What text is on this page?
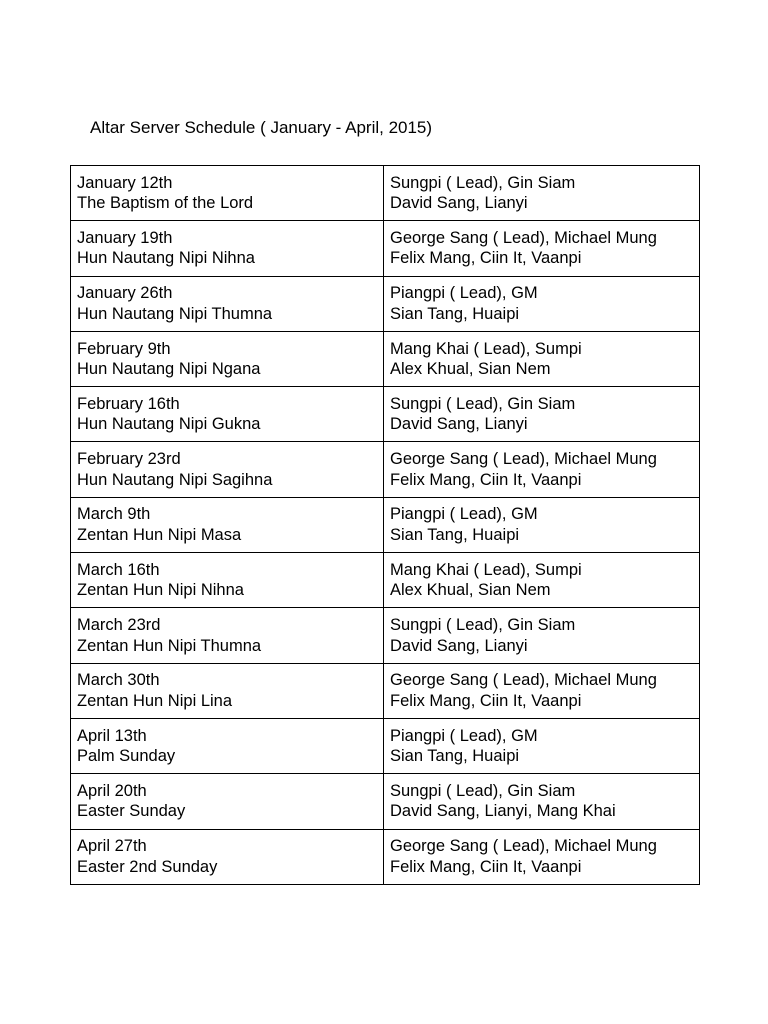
Altar Server Schedule ( January - April, 2015)
January 12th
The Baptism of the Lord	Sungpi ( Lead), Gin Siam
David Sang, Lianyi

January 19th
Hun Nautang Nipi Nihna	George Sang ( Lead), Michael Mung
Felix Mang, Ciin It, Vaanpi

January 26th
Hun Nautang Nipi Thumna	Piangpi ( Lead), GM
Sian Tang, Huaipi

February 9th
Hun Nautang Nipi Ngana	Mang Khai ( Lead), Sumpi
Alex Khual, Sian Nem

February 16th
Hun Nautang Nipi Gukna	Sungpi ( Lead), Gin Siam
David Sang, Lianyi

February 23rd
Hun Nautang Nipi Sagihna	George Sang ( Lead), Michael Mung
Felix Mang, Ciin It, Vaanpi

March 9th
Zentan Hun Nipi Masa	Piangpi ( Lead), GM
Sian Tang, Huaipi

March 16th
Zentan Hun Nipi Nihna	Mang Khai ( Lead), Sumpi
Alex Khual, Sian Nem

March 23rd
Zentan Hun Nipi Thumna	Sungpi ( Lead), Gin Siam
David Sang, Lianyi

March 30th
Zentan Hun Nipi Lina	George Sang ( Lead), Michael Mung
Felix Mang, Ciin It, Vaanpi

April 13th
Palm Sunday	Piangpi ( Lead), GM
Sian Tang, Huaipi

April 20th
Easter Sunday	Sungpi ( Lead), Gin Siam
David Sang, Lianyi, Mang Khai

April 27th
Easter 2nd Sunday	George Sang ( Lead), Michael Mung
Felix Mang, Ciin It, Vaanpi
